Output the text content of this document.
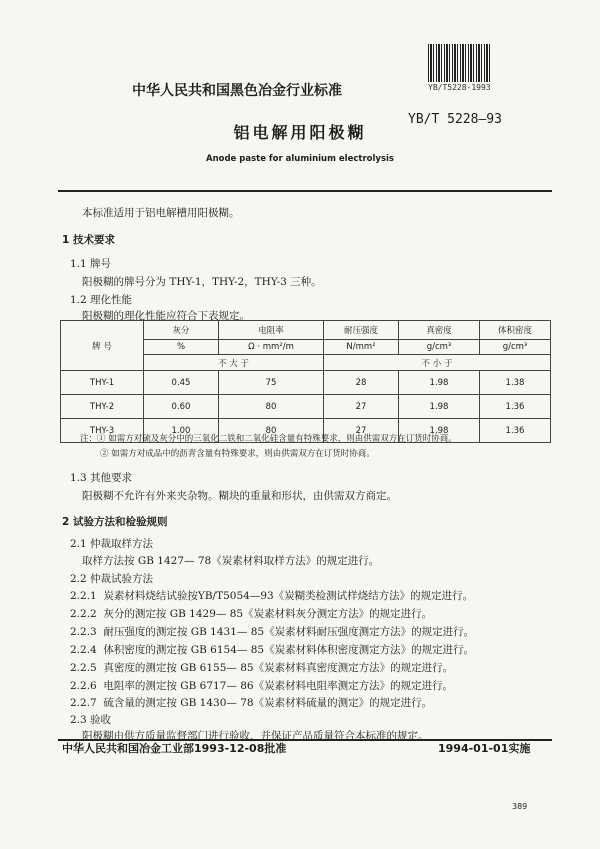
YB/T5228-1993
中华人民共和国黑色冶金行业标准
YB/T 5228—93
铝电解用阳极糊
Anode paste for aluminium electrolysis
本标准适用于铝电解槽用阳极糊。
1 技术要求
1.1 牌号
阳极糊的牌号分为 THY-1，THY-2，THY-3 三种。
1.2 理化性能
阳极糊的理化性能应符合下表规定。
牌 号	灰分	电阻率	耐压强度	真密度	体积密度
	%	Ω · mm²/m	N/mm²	g/cm³	g/cm³
	不 大 于		不 小 于		
THY-1	0.45	75	28	1.98	1.38
THY-2	0.60	80	27	1.98	1.36
THY-3	1.00	80	27	1.98	1.36
注：① 如需方对硫及灰分中的三氧化二铁和二氧化硅含量有特殊要求，则由供需双方在订货时协商。
② 如需方对成品中的沥青含量有特殊要求，则由供需双方在订货时协商。
1.3 其他要求
阳极糊不允许有外来夹杂物。糊块的重量和形状，由供需双方商定。
2 试验方法和检验规则
2.1 仲裁取样方法
取样方法按 GB 1427— 78《炭素材料取样方法》的规定进行。
2.2 仲裁试验方法
2.2.1 炭素材料烧结试验按YB/T5054—93《炭糊类检测试样烧结方法》的规定进行。
2.2.2 灰分的测定按 GB 1429— 85《炭素材料灰分测定方法》的规定进行。
2.2.3 耐压强度的测定按 GB 1431— 85《炭素材料耐压强度测定方法》的规定进行。
2.2.4 体积密度的测定按 GB 6154— 85《炭素材料体积密度测定方法》的规定进行。
2.2.5 真密度的测定按 GB 6155— 85《炭素材料真密度测定方法》的规定进行。
2.2.6 电阻率的测定按 GB 6717— 86《炭素材料电阻率测定方法》的规定进行。
2.2.7 硫含量的测定按 GB 1430— 78《炭素材料硫量的测定》的规定进行。
2.3 验收
阳极糊由供方质量监督部门进行验收，并保证产品质量符合本标准的规定。
中华人民共和国冶金工业部1993-12-08批准	1994-01-01实施
389
